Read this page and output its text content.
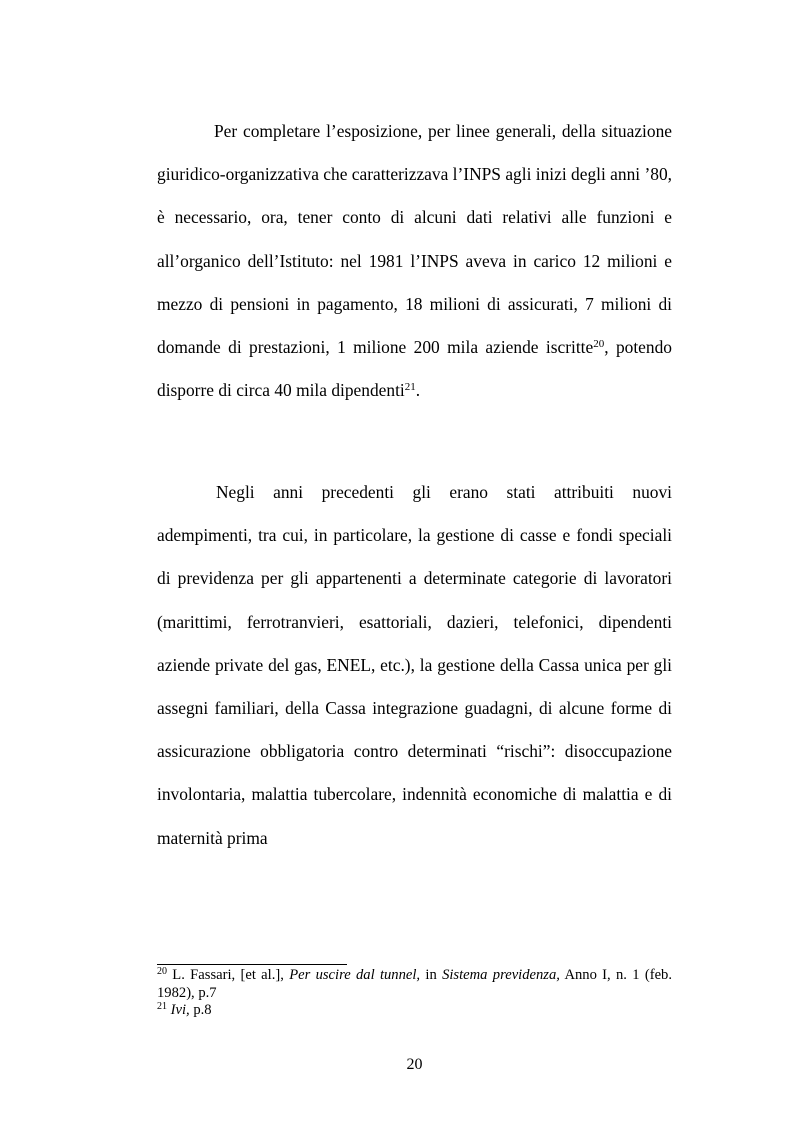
Per completare l’esposizione, per linee generali, della situazione giuridico-organizzativa che caratterizzava l’INPS agli inizi degli anni ’80, è necessario, ora, tener conto di alcuni dati relativi alle funzioni e all’organico dell’Istituto: nel 1981 l’INPS aveva in carico 12 milioni e mezzo di pensioni in pagamento, 18 milioni di assicurati, 7 milioni di domande di prestazioni, 1 milione 200 mila aziende iscritte$^{20}$, potendo disporre di circa 40 mila dipendenti$^{21}$.

Negli anni precedenti gli erano stati attribuiti nuovi adempimenti, tra cui, in particolare, la gestione di casse e fondi speciali di previdenza per gli appartenenti a determinate categorie di lavoratori (marittimi, ferrotranvieri, esattoriali, dazieri, telefonici, dipendenti aziende private del gas, ENEL, etc.), la gestione della Cassa unica per gli assegni familiari, della Cassa integrazione guadagni, di alcune forme di assicurazione obbligatoria contro determinati “rischi”: disoccupazione involontaria, malattia tubercolare, indennità economiche di malattia e di maternità prima

$^{20}$ L. Fassari, [et al.], Per uscire dal tunnel, in Sistema previdenza, Anno I, n. 1 (feb. 1982), p.7

$^{21}$ Ivi, p.8

20
